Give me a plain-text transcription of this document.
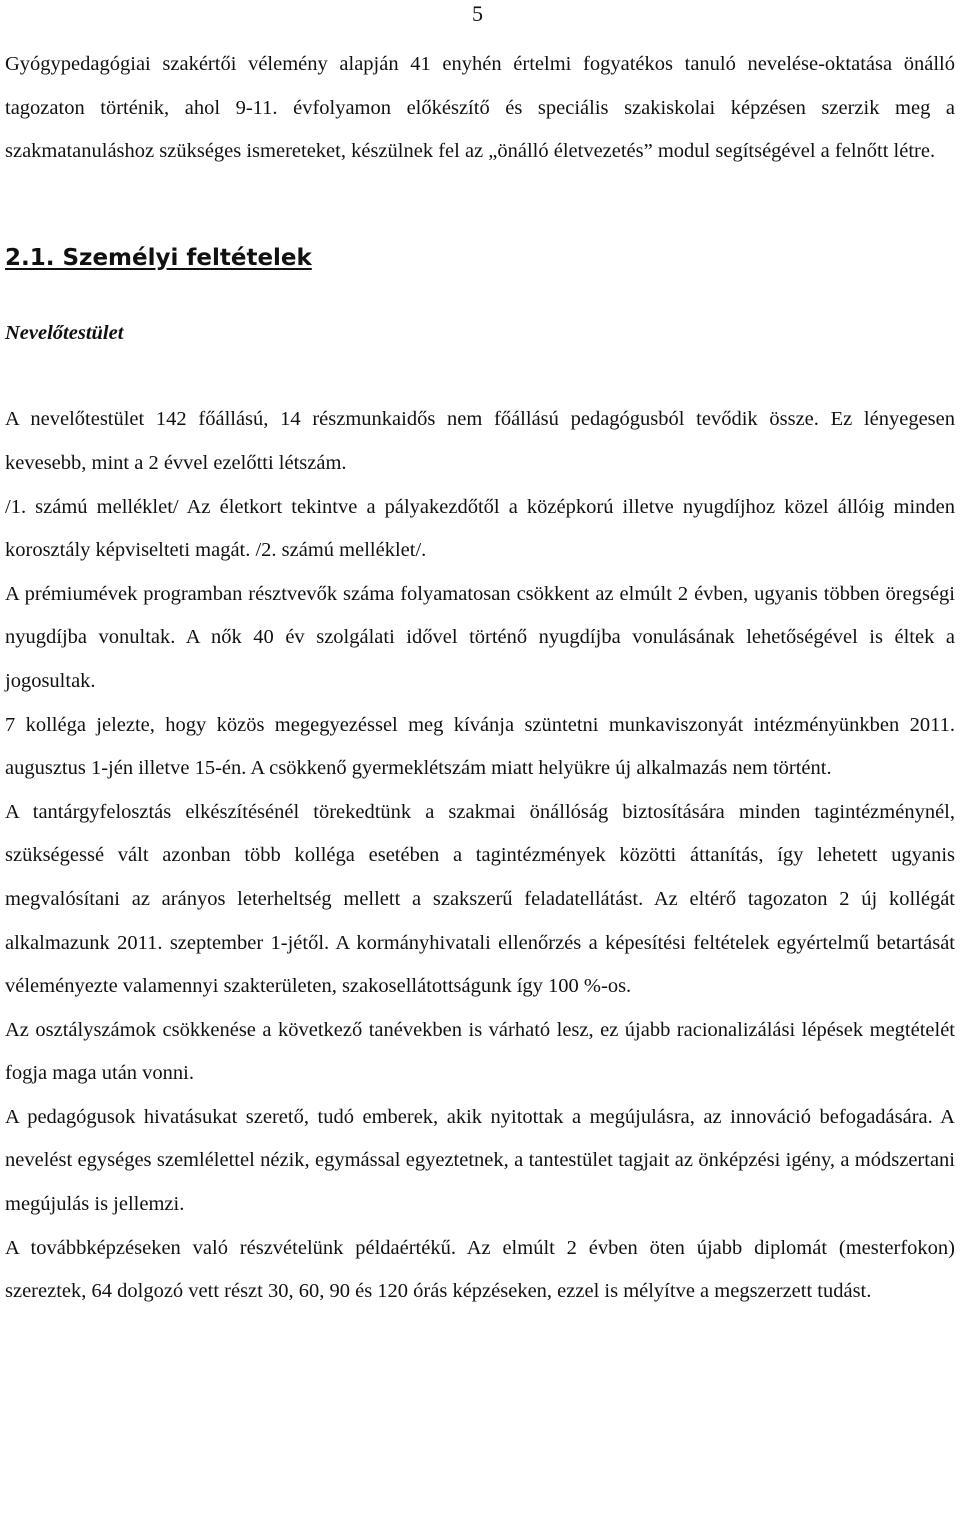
5

Gyógypedagógiai szakértői vélemény alapján 41 enyhén értelmi fogyatékos tanuló nevelése-oktatása önálló tagozaton történik, ahol 9-11. évfolyamon előkészítő és speciális szakiskolai képzésen szerzik meg a szakmatanuláshoz szükséges ismereteket, készülnek fel az „önálló életvezetés” modul segítségével a felnőtt létre.

2.1. Személyi feltételek
Nevelőtestület

A nevelőtestület 142 főállású, 14 részmunkaidős nem főállású pedagógusból tevődik össze. Ez lényegesen kevesebb, mint a 2 évvel ezelőtti létszám.

/1. számú melléklet/ Az életkort tekintve a pályakezdőtől a középkorú illetve nyugdíjhoz közel állóig minden korosztály képviselteti magát. /2. számú melléklet/.

A prémiumévek programban résztvevők száma folyamatosan csökkent az elmúlt 2 évben, ugyanis többen öregségi nyugdíjba vonultak. A nők 40 év szolgálati idővel történő nyugdíjba vonulásának lehetőségével is éltek a jogosultak.

7 kolléga jelezte, hogy közös megegyezéssel meg kívánja szüntetni munkaviszonyát intézményünkben 2011. augusztus 1-jén illetve 15-én. A csökkenő gyermeklétszám miatt helyükre új alkalmazás nem történt.

A tantárgyfelosztás elkészítésénél törekedtünk a szakmai önállóság biztosítására minden tagintézménynél, szükségessé vált azonban több kolléga esetében a tagintézmények közötti áttanítás, így lehetett ugyanis megvalósítani az arányos leterheltség mellett a szakszerű feladatellátást. Az eltérő tagozaton 2 új kollégát alkalmazunk 2011. szeptember 1-jétől. A kormányhivatali ellenőrzés a képesítési feltételek egyértelmű betartását véleményezte valamennyi szakterületen, szakosellátottságunk így 100 %-os.

Az osztályszámok csökkenése a következő tanévekben is várható lesz, ez újabb racionalizálási lépések megtételét fogja maga után vonni.

A pedagógusok hivatásukat szerető, tudó emberek, akik nyitottak a megújulásra, az innováció befogadására. A nevelést egységes szemlélettel nézik, egymással egyeztetnek, a tantestület tagjait az önképzési igény, a módszertani megújulás is jellemzi.

A továbbképzéseken való részvételünk példaértékű. Az elmúlt 2 évben öten újabb diplomát (mesterfokon) szereztek, 64 dolgozó vett részt 30, 60, 90 és 120 órás képzéseken, ezzel is mélyítve a megszerzett tudást.
